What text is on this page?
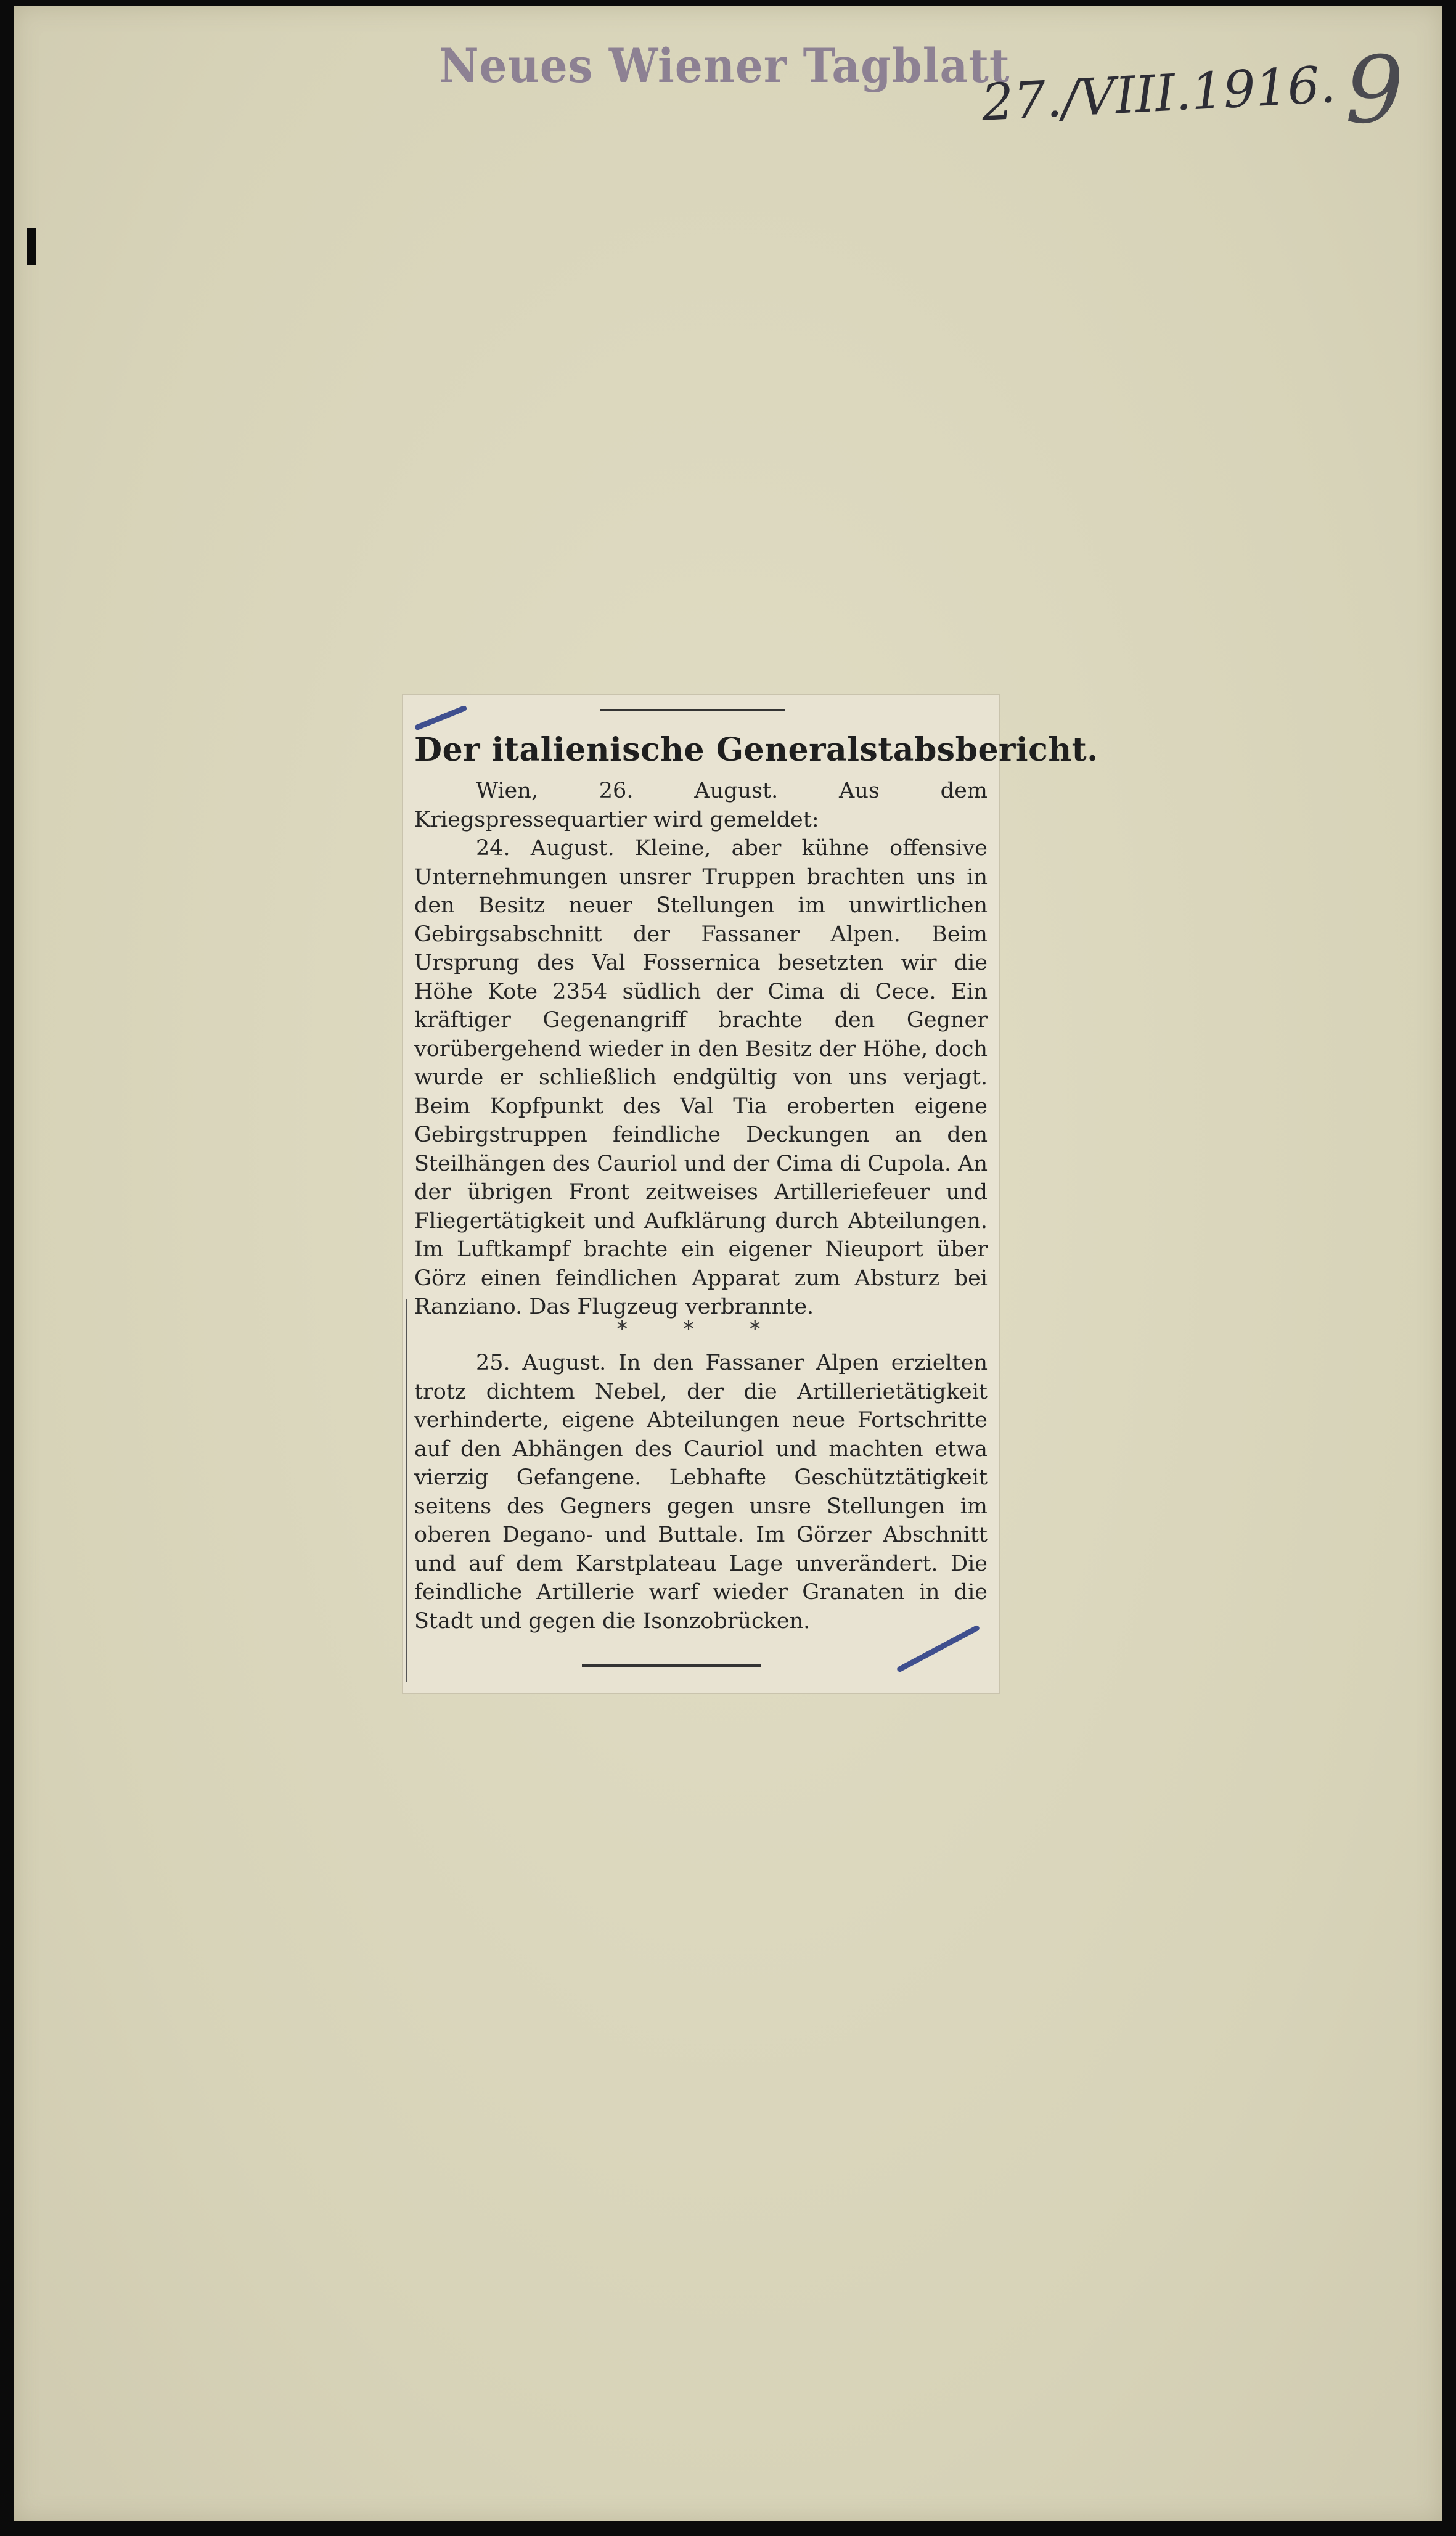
Neues Wiener Tagblatt
27./VIII.1916. 9
Der italienische Generalstabsbericht.
Wien, 26. August. Aus dem Kriegspressequartier wird gemeldet:
24. August. Kleine, aber kühne offensive Unternehmungen unsrer Truppen brachten uns in den Besitz neuer Stellungen im unwirtlichen Gebirgsabschnitt der Fassaner Alpen. Beim Ursprung des Val Fossernica besetzten wir die Höhe Kote 2354 südlich der Cima di Cece. Ein kräftiger Gegenangriff brachte den Gegner vorübergehend wieder in den Besitz der Höhe, doch wurde er schließlich endgültig von uns verjagt. Beim Kopfpunkt des Val Tia eroberten eigene Gebirgstruppen feindliche Deckungen an den Steilhängen des Cauriol und der Cima di Cupola. An der übrigen Front zeitweises Artilleriefeuer und Fliegertätigkeit und Aufklärung durch Abteilungen. Im Luftkampf brachte ein eigener Nieuport über Görz einen feindlichen Apparat zum Absturz bei Ranziano. Das Flugzeug verbrannte.
* * *
25. August. In den Fassaner Alpen erzielten trotz dichtem Nebel, der die Artillerietätigkeit verhinderte, eigene Abteilungen neue Fortschritte auf den Abhängen des Cauriol und machten etwa vierzig Gefangene. Lebhafte Geschütztätigkeit seitens des Gegners gegen unsre Stellungen im oberen Degano- und Buttale. Im Görzer Abschnitt und auf dem Karstplateau Lage unverändert. Die feindliche Artillerie warf wieder Granaten in die Stadt und gegen die Isonzobrücken.
